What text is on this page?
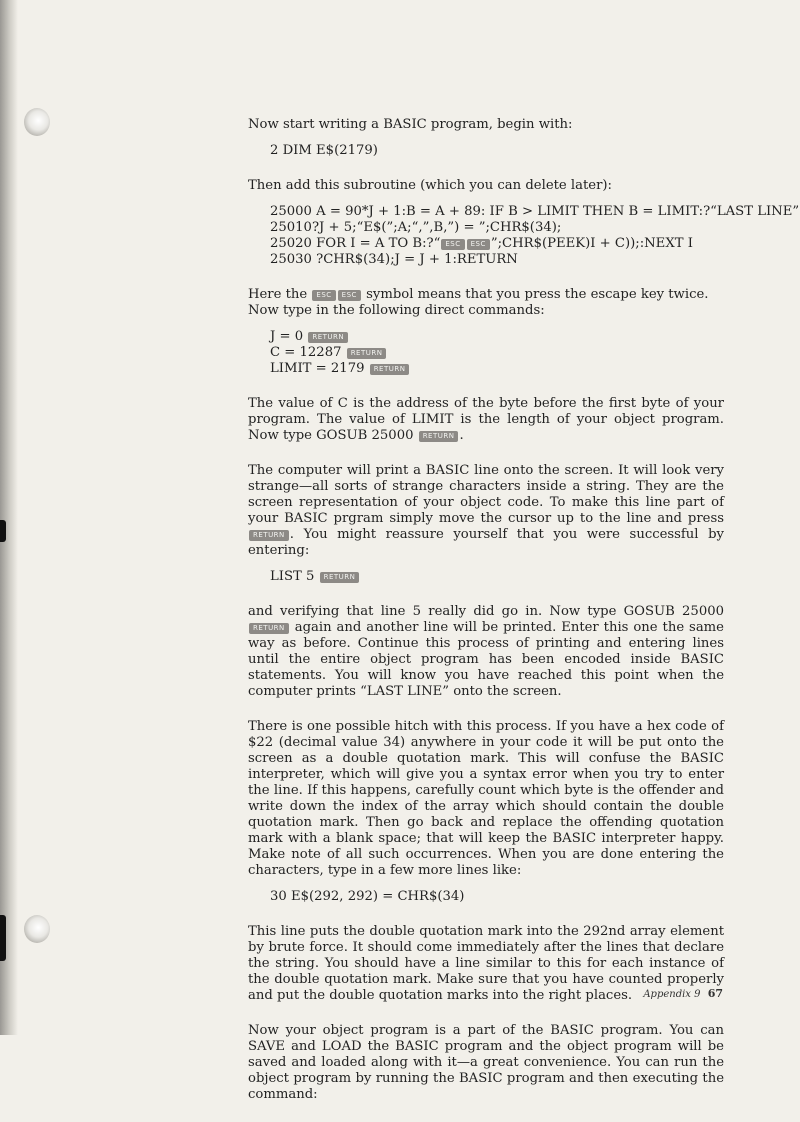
Now start writing a BASIC program, begin with:

2 DIM E$(2179)

Then add this subroutine (which you can delete later):

25000 A = 90*J + 1:B = A + 89: IF B > LIMIT THEN B = LIMIT:?“LAST LINE”
25010?J + 5;“E$(”;A;“,”,B,”) = ”;CHR$(34);
25020 FOR I = A TO B:?“ ESC ESC ”;CHR$(PEEK)I + C));:NEXT I
25030 ?CHR$(34);J = J + 1:RETURN

Here the ESC ESC symbol means that you press the escape key twice. Now type in the following direct commands:

J = 0 RETURN
C = 12287 RETURN
LIMIT = 2179 RETURN

The value of C is the address of the byte before the first byte of your program. The value of LIMIT is the length of your object program. Now type GOSUB 25000 RETURN .

The computer will print a BASIC line onto the screen. It will look very strange—all sorts of strange characters inside a string. They are the screen representation of your object code. To make this line part of your BASIC prgram simply move the cursor up to the line and press RETURN . You might reassure yourself that you were successful by entering:

LIST 5 RETURN

and verifying that line 5 really did go in. Now type GOSUB 25000 RETURN again and another line will be printed. Enter this one the same way as before. Continue this process of printing and entering lines until the entire object program has been encoded inside BASIC statements. You will know you have reached this point when the computer prints “LAST LINE” onto the screen.

There is one possible hitch with this process. If you have a hex code of $22 (decimal value 34) anywhere in your code it will be put onto the screen as a double quotation mark. This will confuse the BASIC interpreter, which will give you a syntax error when you try to enter the line. If this happens, carefully count which byte is the offender and write down the index of the array which should contain the double quotation mark. Then go back and replace the offending quotation mark with a blank space; that will keep the BASIC interpreter happy. Make note of all such occurrences. When you are done entering the characters, type in a few more lines like:

30 E$(292, 292) = CHR$(34)

This line puts the double quotation mark into the 292nd array element by brute force. It should come immediately after the lines that declare the string. You should have a line similar to this for each instance of the double quotation mark. Make sure that you have counted properly and put the double quotation marks into the right places.

Now your object program is a part of the BASIC program. You can SAVE and LOAD the BASIC program and the object program will be saved and loaded along with it—a great convenience. You can run the object program by running the BASIC program and then executing the command:

Appendix 9 67
